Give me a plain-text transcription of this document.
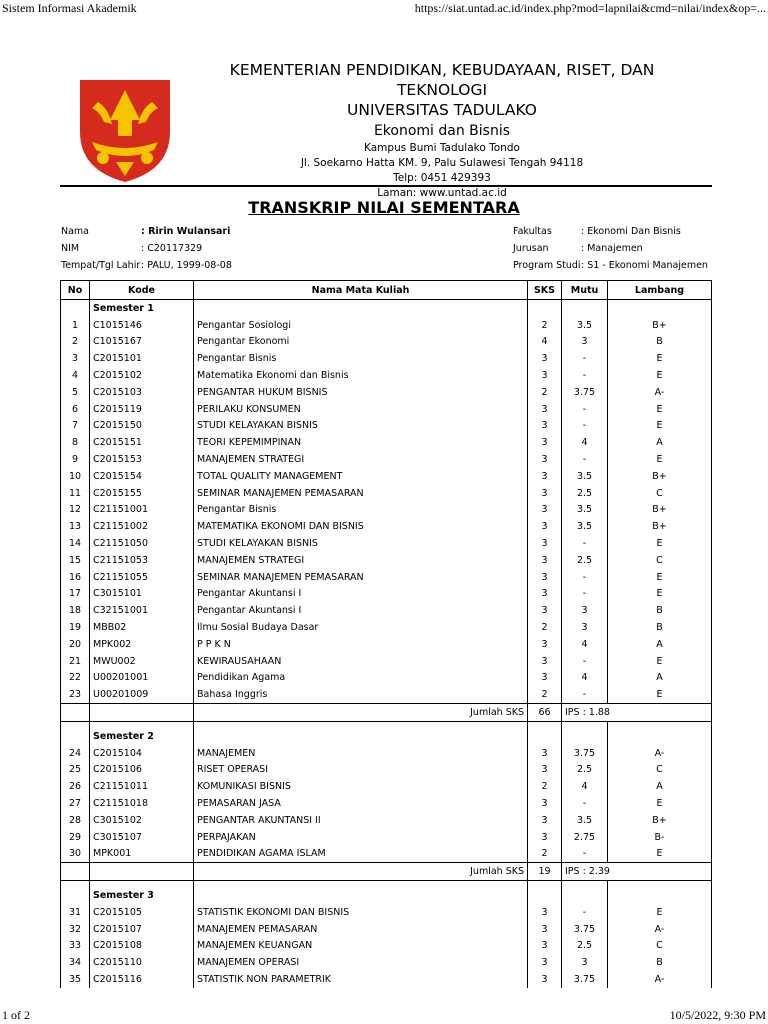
Sistem Informasi Akademik	https://siat.untad.ac.id/index.php?mod=lapnilai&cmd=nilai/index&op=...
KEMENTERIAN PENDIDIKAN, KEBUDAYAAN, RISET, DAN TEKNOLOGI
UNIVERSITAS TADULAKO
Ekonomi dan Bisnis
Kampus Bumi Tadulako Tondo
Jl. Soekarno Hatta KM. 9, Palu Sulawesi Tengah 94118
Telp: 0451 429393
Laman: www.untad.ac.id
TRANSKRIP NILAI SEMENTARA
Nama	: Ririn Wulansari
NIM	: C20117329
Tempat/Tgl Lahir : PALU, 1999-08-08
Fakultas	: Ekonomi Dan Bisnis
Jurusan	: Manajemen
Program Studi : S1 - Ekonomi Manajemen
No	Kode	Nama Mata Kuliah	SKS	Mutu	Lambang
	Semester 1				
1	C1015146	Pengantar Sosiologi	2	3.5	B+
2	C1015167	Pengantar Ekonomi	4	3	B
3	C2015101	Pengantar Bisnis	3	-	E
4	C2015102	Matematika Ekonomi dan Bisnis	3	-	E
5	C2015103	PENGANTAR HUKUM BISNIS	2	3.75	A-
6	C2015119	PERILAKU KONSUMEN	3	-	E
7	C2015150	STUDI KELAYAKAN BISNIS	3	-	E
8	C2015151	TEORI KEPEMIMPINAN	3	4	A
9	C2015153	MANAJEMEN STRATEGI	3	-	E
10	C2015154	TOTAL QUALITY MANAGEMENT	3	3.5	B+
11	C2015155	SEMINAR MANAJEMEN PEMASARAN	3	2.5	C
12	C21151001	Pengantar Bisnis	3	3.5	B+
13	C21151002	MATEMATIKA EKONOMI DAN BISNIS	3	3.5	B+
14	C21151050	STUDI KELAYAKAN BISNIS	3	-	E
15	C21151053	MANAJEMEN STRATEGI	3	2.5	C
16	C21151055	SEMINAR MANAJEMEN PEMASARAN	3	-	E
17	C3015101	Pengantar Akuntansi I	3	-	E
18	C32151001	Pengantar Akuntansi I	3	3	B
19	MBB02	Ilmu Sosial Budaya Dasar	2	3	B
20	MPK002	P P K N	3	4	A
21	MWU002	KEWIRAUSAHAAN	3	-	E
22	U00201001	Pendidikan Agama	3	4	A
23	U00201009	Bahasa Inggris	2	-	E
		Jumlah SKS	66	IPS : 1.88	

	Semester 2				
24	C2015104	MANAJEMEN	3	3.75	A-
25	C2015106	RISET OPERASI	3	2.5	C
26	C21151011	KOMUNIKASI BISNIS	2	4	A
27	C21151018	PEMASARAN JASA	3	-	E
28	C3015102	PENGANTAR AKUNTANSI II	3	3.5	B+
29	C3015107	PERPAJAKAN	3	2.75	B-
30	MPK001	PENDIDIKAN AGAMA ISLAM	2	-	E
		Jumlah SKS	19	IPS : 2.39	

	Semester 3				
31	C2015105	STATISTIK EKONOMI DAN BISNIS	3	-	E
32	C2015107	MANAJEMEN PEMASARAN	3	3.75	A-
33	C2015108	MANAJEMEN KEUANGAN	3	2.5	C
34	C2015110	MANAJEMEN OPERASI	3	3	B
35	C2015116	STATISTIK NON PARAMETRIK	3	3.75	A-
1 of 2	10/5/2022, 9:30 PM
